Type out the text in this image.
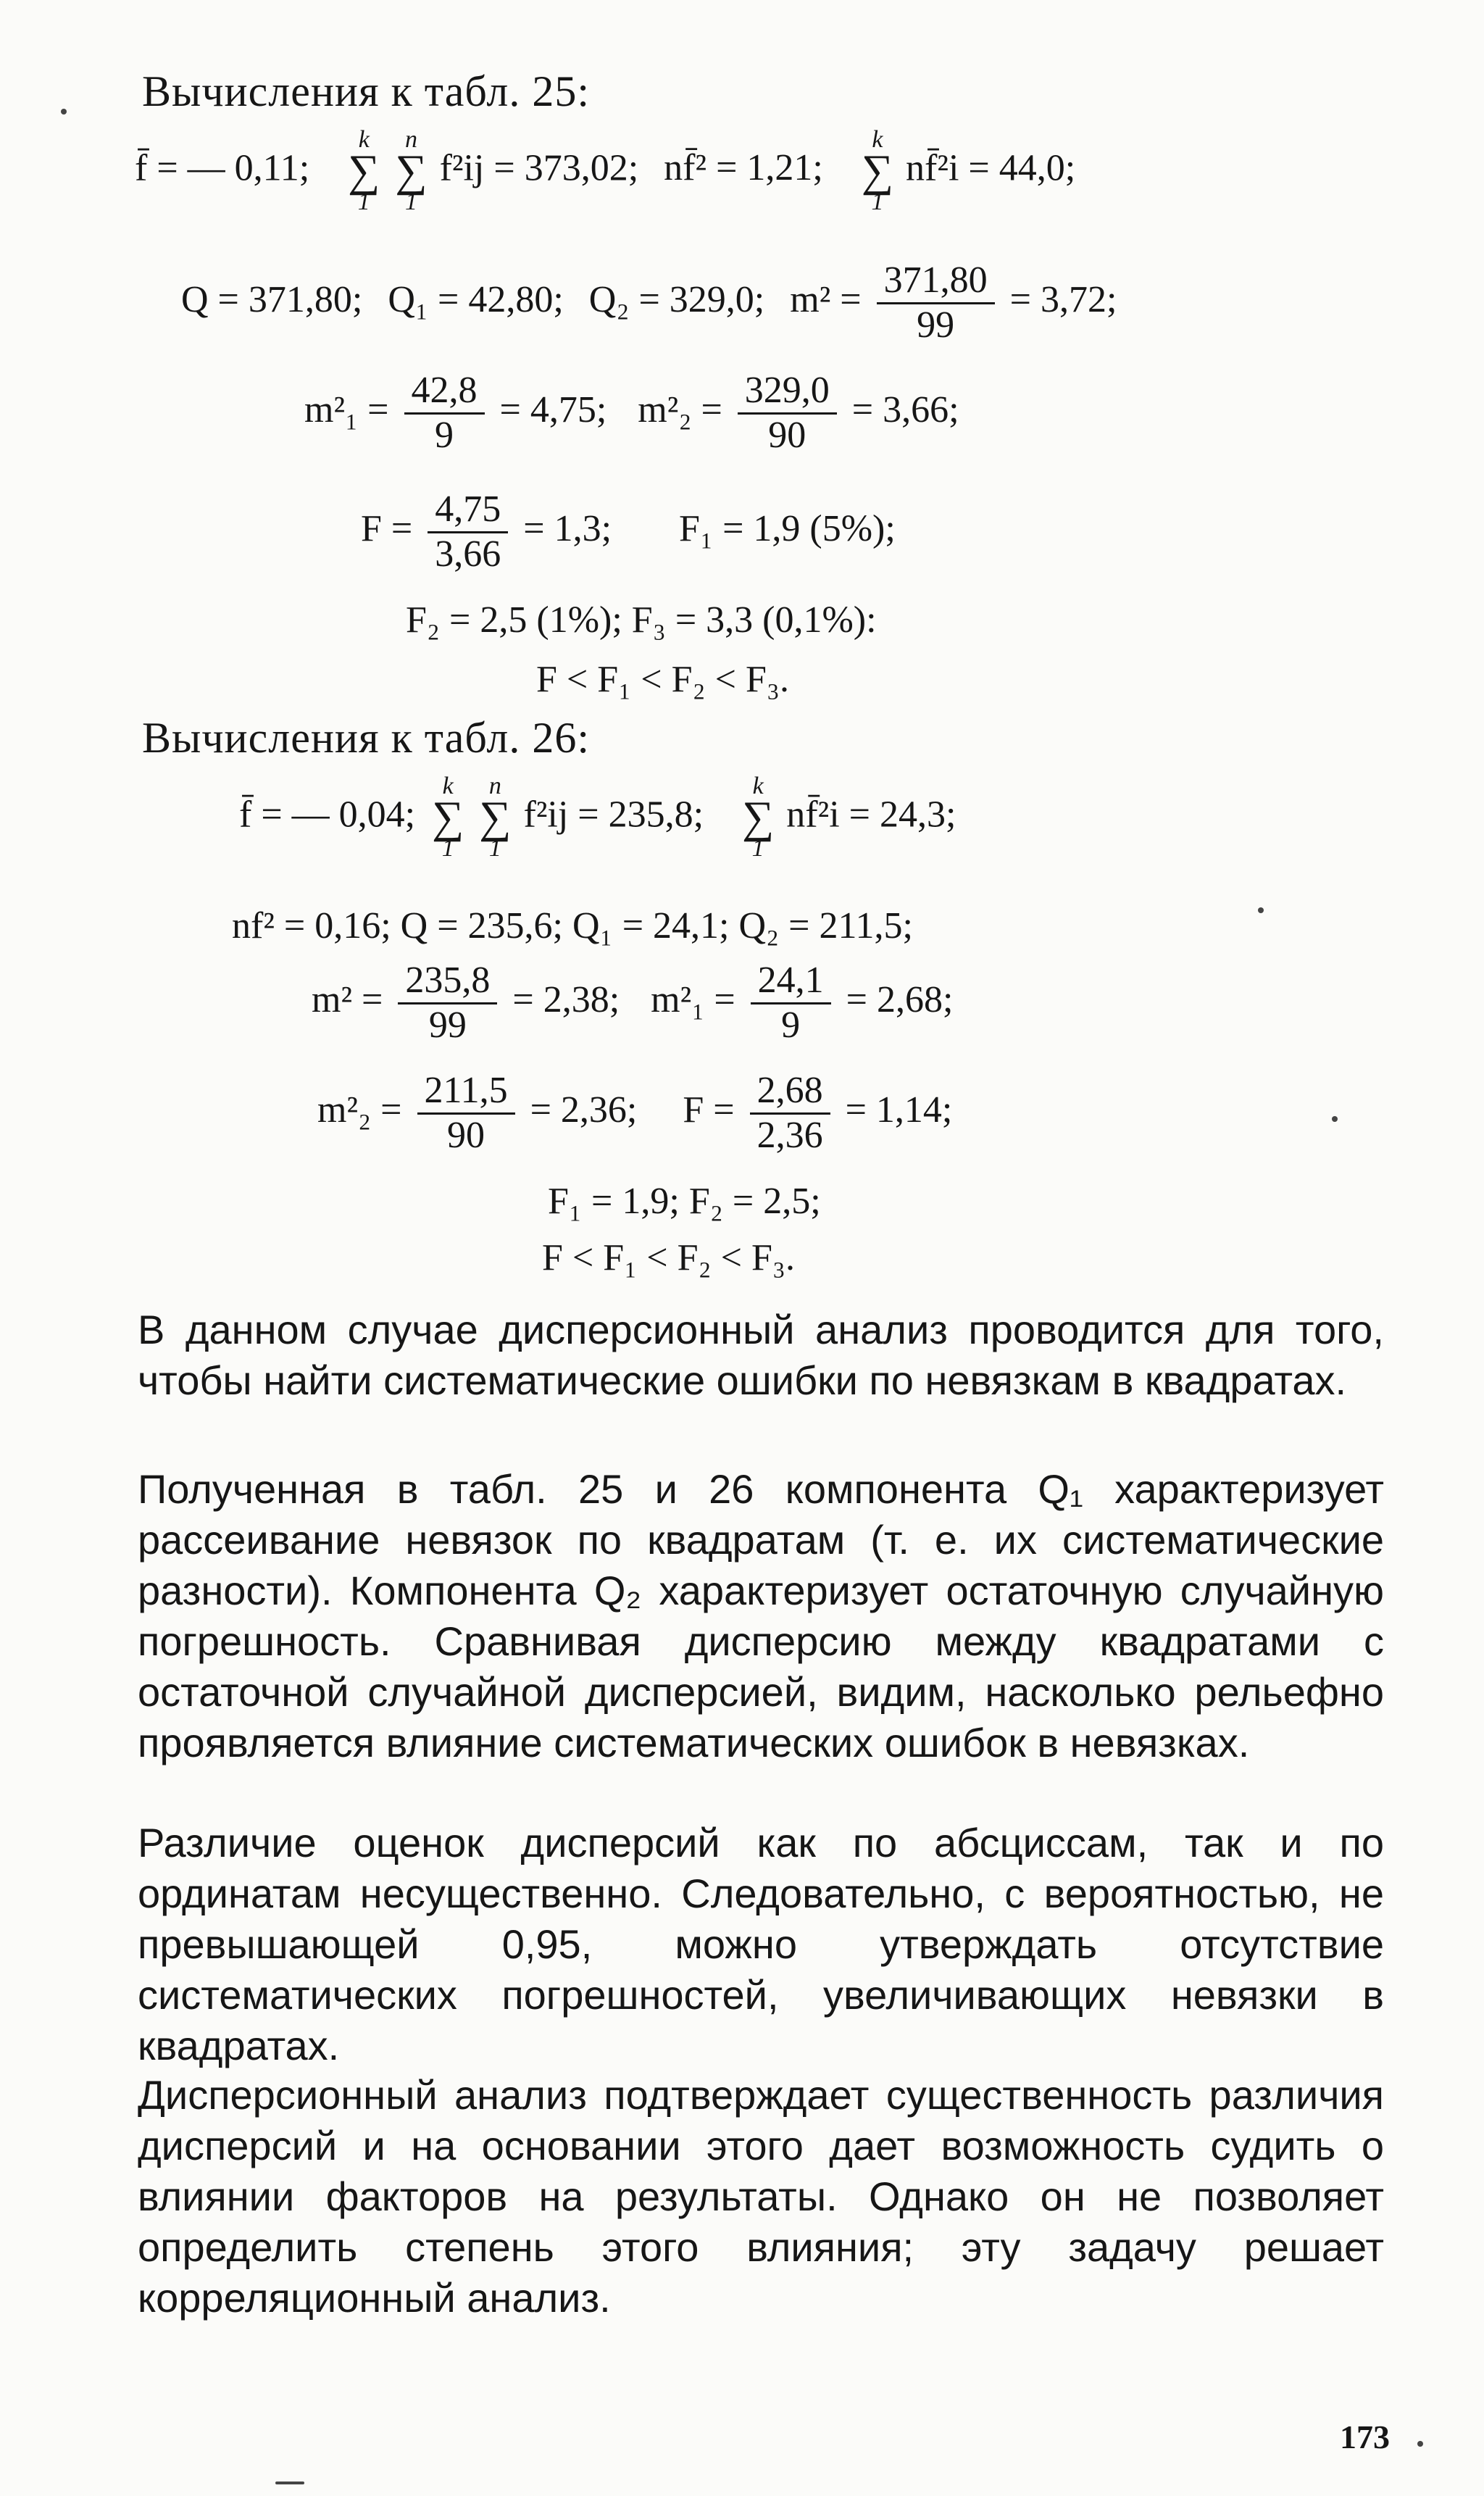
Вычисления к табл. 25:
f̄ = — 0,11;
k
∑
1

n
∑
1
f²ij = 373,02; nf̄² = 1,21;
k
∑
1
nf̄²i = 44,0;
Q = 371,80; Q₁ = 42,80; Q₂ = 329,0; $m^2 = \frac{371,80}{99} = 3,72$;
$m^2_1 = \frac{42,8}{9} = 4,75$; $m^2_2 = \frac{329,0}{90} = 3,66$;
$F = \frac{4,75}{3,66} = 1,3$; F₁ = 1,9 (5%);
F₂ = 2,5 (1%); F₃ = 3,3 (0,1%):
F < F₁ < F₂ < F₃.
Вычисления к табл. 26:
f̄ = — 0,04;
k
∑
1

n
∑
1
f²ij = 235,8;
k
∑
1
nf̄²i = 24,3;
nf² = 0,16; Q = 235,6; Q₁ = 24,1; Q₂ = 211,5;
$m^2 = \frac{235,8}{99} = 2,38$; $m^2_1 = \frac{24,1}{9} = 2,68$;
$m^2_2 = \frac{211,5}{90} = 2,36$; $F = \frac{2,68}{2,36} = 1,14$;
F₁ = 1,9; F₂ = 2,5;
F < F₁ < F₂ < F₃.

В данном случае дисперсионный анализ проводится для того, чтобы найти систематические ошибки по невязкам в квадратах.

Полученная в табл. 25 и 26 компонента Q₁ характеризует рассеивание невязок по квадратам (т. е. их систематические разности). Компонента Q₂ характеризует остаточную случайную погрешность. Сравнивая дисперсию между квадратами с остаточной случайной дисперсией, видим, насколько рельефно проявляется влияние систематических ошибок в невязках.

Различие оценок дисперсий как по абсциссам, так и по ординатам несущественно. Следовательно, с вероятностью, не превышающей 0,95, можно утверждать отсутствие систематических погрешностей, увеличивающих невязки в квадратах.

Дисперсионный анализ подтверждает существенность различия дисперсий и на основании этого дает возможность судить о влиянии факторов на результаты. Однако он не позволяет определить степень этого влияния; эту задачу решает корреляционный анализ.

173
